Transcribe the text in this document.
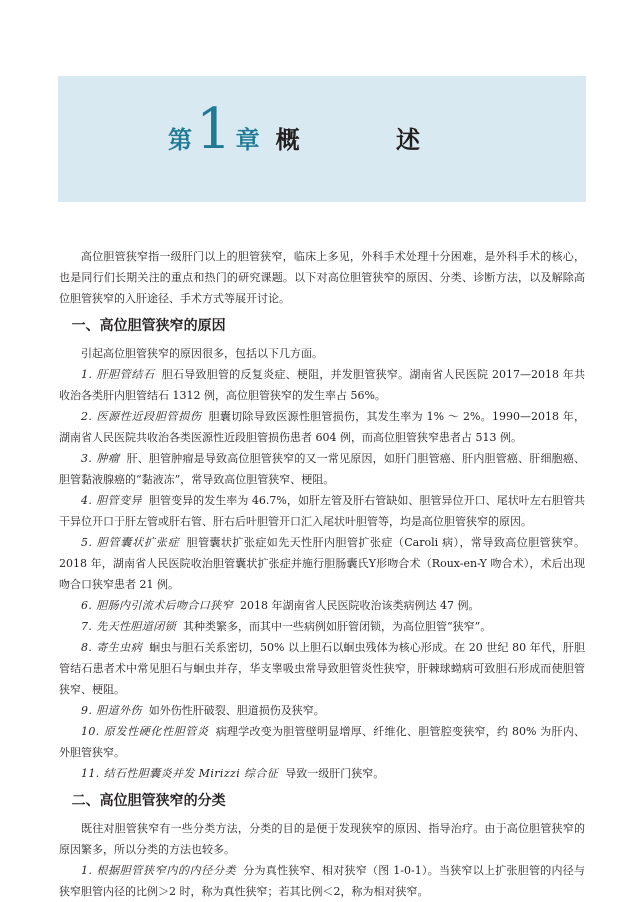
第1 章 概 述

高位胆管狭窄指一级肝门以上的胆管狭窄，临床上多见，外科手术处理十分困难，是外科手术的核心，也是同行们长期关注的重点和热门的研究课题。以下对高位胆管狭窄的原因、分类、诊断方法，以及解除高位胆管狭窄的入肝途径、手术方式等展开讨论。

一、高位胆管狭窄的原因

引起高位胆管狭窄的原因很多，包括以下几方面。

1. 肝胆管结石 胆石导致胆管的反复炎症、梗阻，并发胆管狭窄。湖南省人民医院 2017—2018 年共收治各类肝内胆管结石 1312 例，高位胆管狭窄的发生率占 56%。

2. 医源性近段胆管损伤 胆囊切除导致医源性胆管损伤，其发生率为 1% ～ 2%。1990—2018 年，湖南省人民医院共收治各类医源性近段胆管损伤患者 604 例，而高位胆管狭窄患者占 513 例。

3. 肿瘤 肝、胆管肿瘤是导致高位胆管狭窄的又一常见原因，如肝门胆管癌、肝内胆管癌、肝细胞癌、胆管黏液腺癌的“黏液冻”，常导致高位胆管狭窄、梗阻。

4. 胆管变异 胆管变异的发生率为 46.7%，如肝左管及肝右管缺如、胆管异位开口、尾状叶左右胆管共干异位开口于肝左管或肝右管、肝右后叶胆管开口汇入尾状叶胆管等，均是高位胆管狭窄的原因。

5. 胆管囊状扩张症 胆管囊状扩张症如先天性肝内胆管扩张症（Caroli 病），常导致高位胆管狭窄。2018 年，湖南省人民医院收治胆管囊状扩张症并施行胆肠囊氏Y形吻合术（Roux-en-Y 吻合术），术后出现吻合口狭窄患者 21 例。

6. 胆肠内引流术后吻合口狭窄 2018 年湖南省人民医院收治该类病例达 47 例。

7. 先天性胆道闭锁 其种类繁多，而其中一些病例如肝管闭锁，为高位胆管“狭窄”。

8. 寄生虫病 蛔虫与胆石关系密切，50% 以上胆石以蛔虫残体为核心形成。在 20 世纪 80 年代，肝胆管结石患者术中常见胆石与蛔虫并存，华支睾吸虫常导致胆管炎性狭窄，肝棘球蚴病可致胆石形成而使胆管狭窄、梗阻。

9. 胆道外伤 如外伤性肝破裂、胆道损伤及狭窄。

10. 原发性硬化性胆管炎 病理学改变为胆管壁明显增厚、纤维化、胆管腔变狭窄，约 80% 为肝内、外胆管狭窄。

11. 结石性胆囊炎并发 Mirizzi 综合征 导致一级肝门狭窄。

二、高位胆管狭窄的分类

既往对胆管狭窄有一些分类方法，分类的目的是便于发现狭窄的原因、指导治疗。由于高位胆管狭窄的原因繁多，所以分类的方法也较多。

1. 根据胆管狭窄内的内径分类 分为真性狭窄、相对狭窄（图 1-0-1）。当狭窄以上扩张胆管的内径与狭窄胆管内径的比例＞2 时，称为真性狭窄；若其比例＜2，称为相对狭窄。
